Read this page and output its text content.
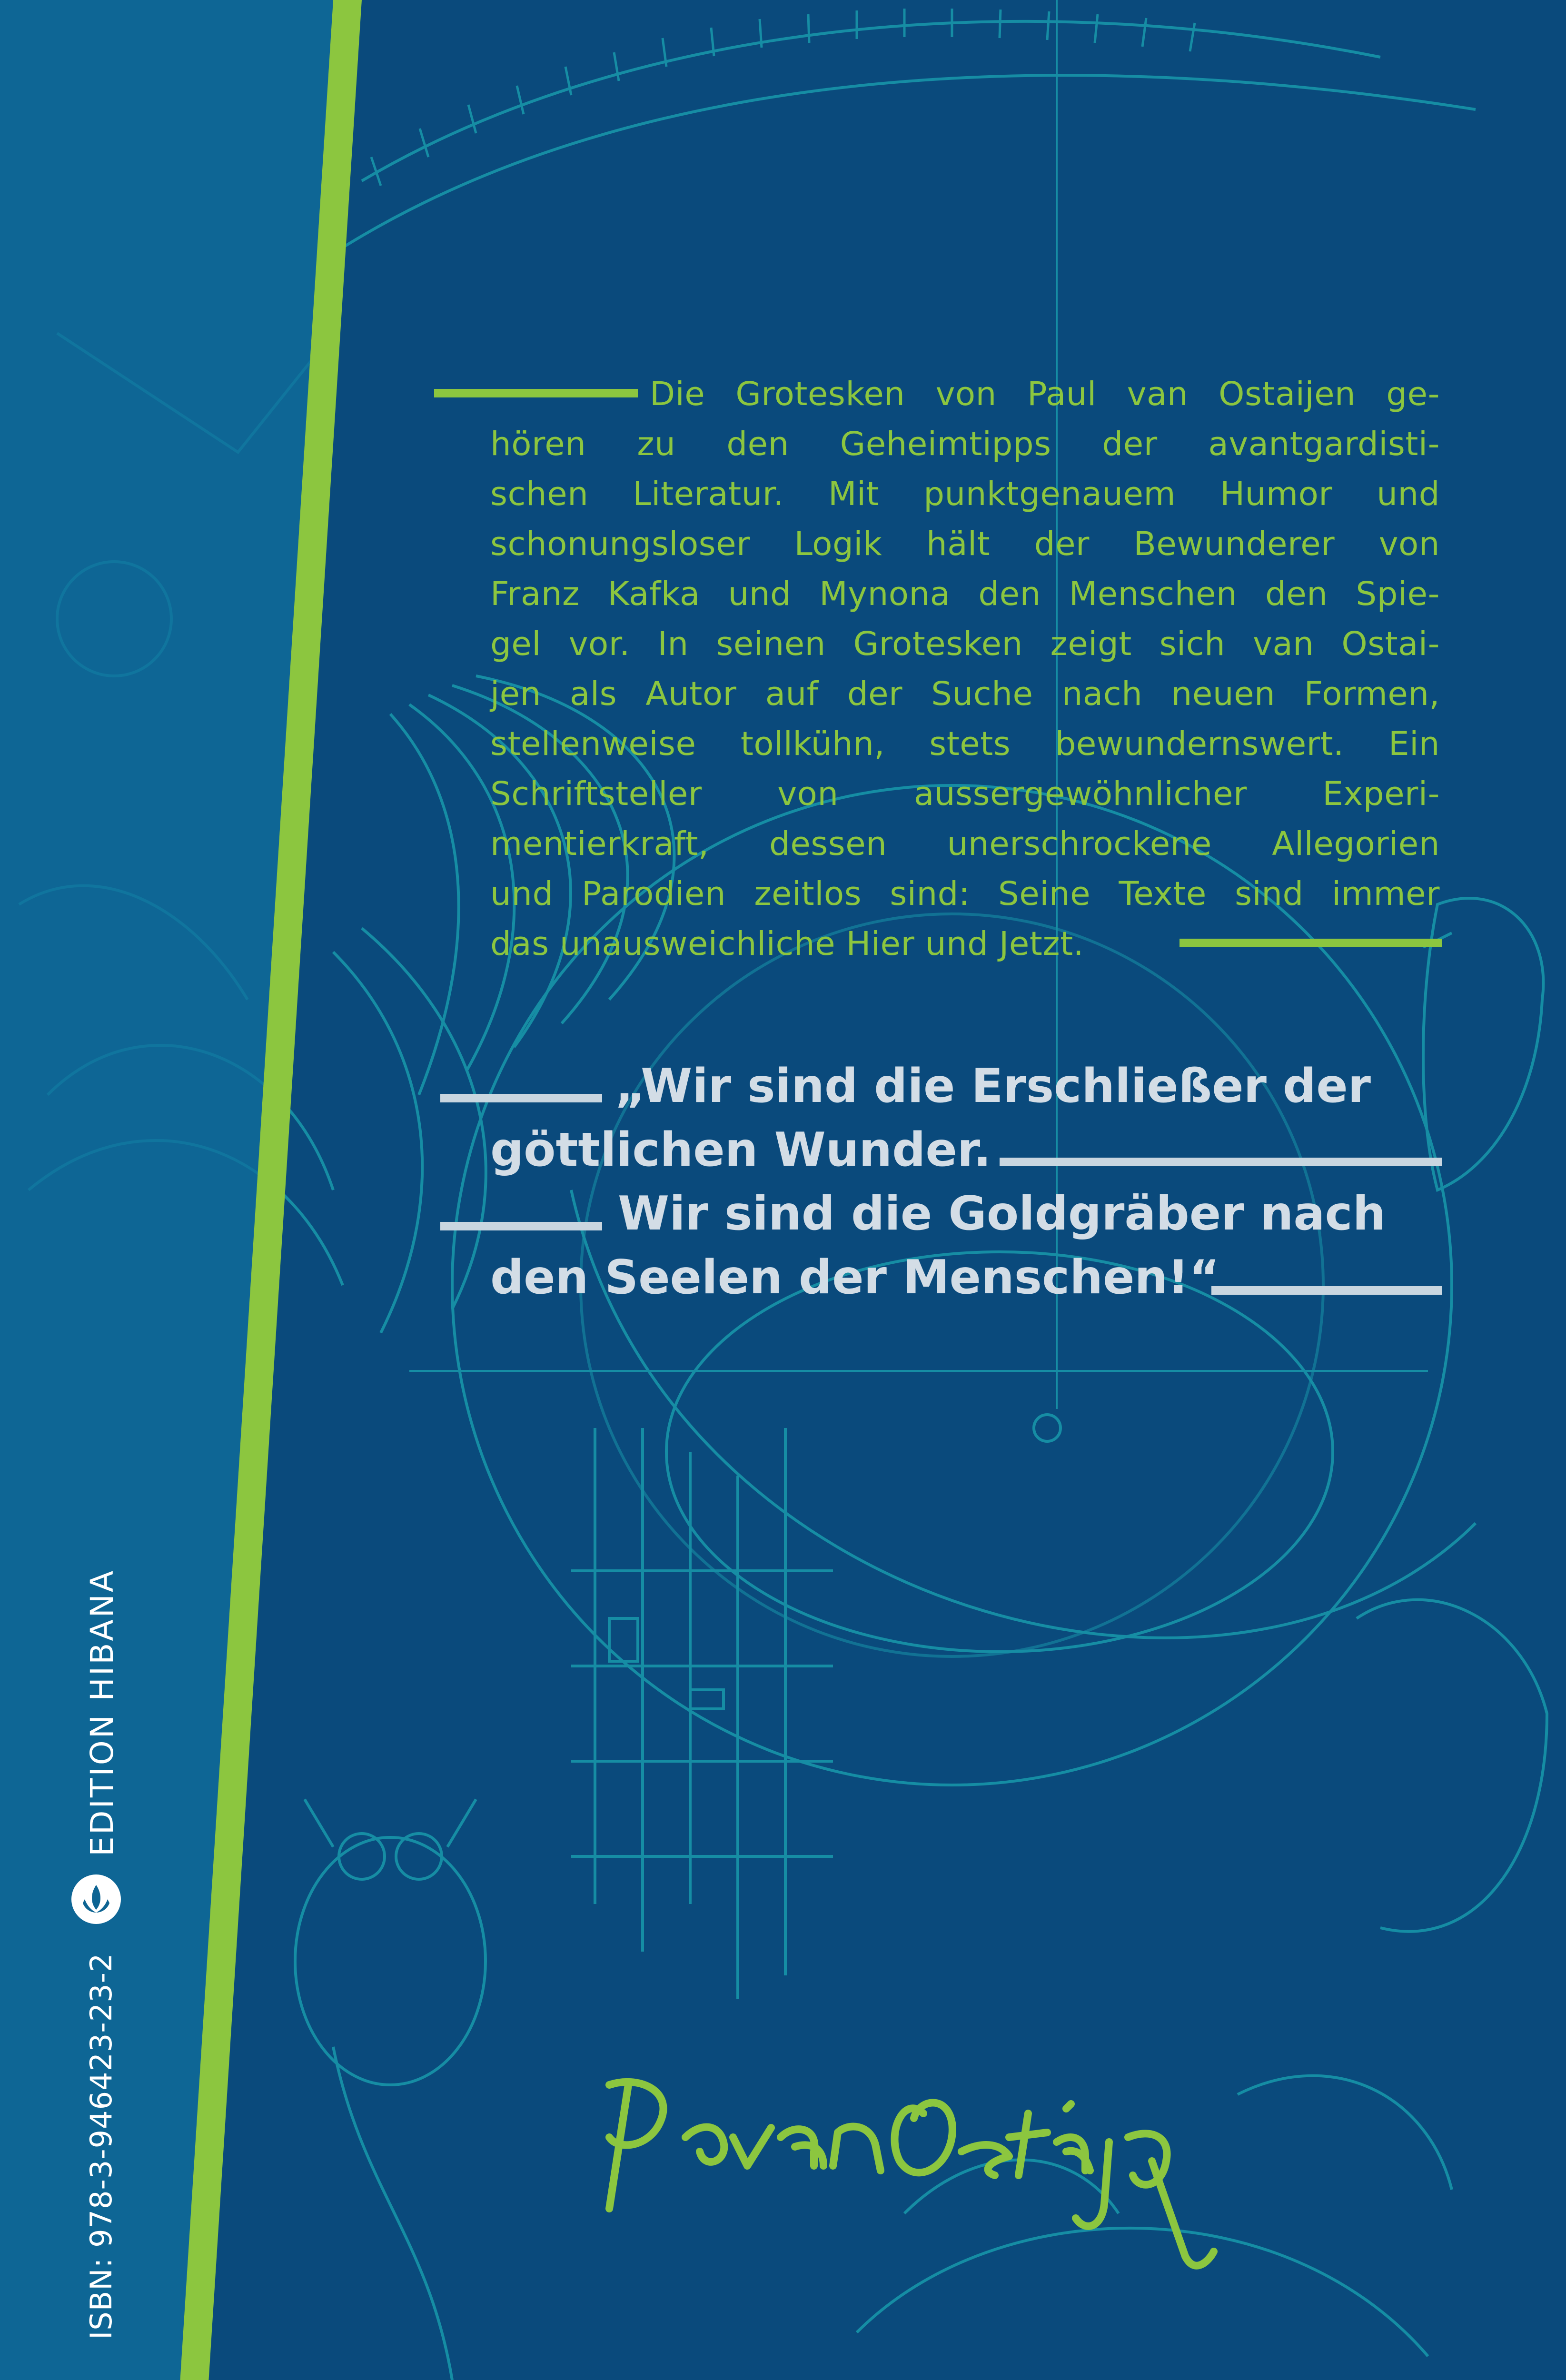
Die Grotesken von Paul van Ostaijen ge-
hören zu den Geheimtipps der avantgardisti-
schen Literatur. Mit punktgenauem Humor und
schonungsloser Logik hält der Bewunderer von
Franz Kafka und Mynona den Menschen den Spie-
gel vor. In seinen Grotesken zeigt sich van Ostai-
jen als Autor auf der Suche nach neuen Formen,
stellenweise tollkühn, stets bewundernswert. Ein
Schriftsteller von aussergewöhnlicher Experi-
mentierkraft, dessen unerschrockene Allegorien
und Parodien zeitlos sind: Seine Texte sind immer
das unausweichliche Hier und Jetzt.
„Wir sind die Erschließer der
göttlichen Wunder.
Wir sind die Goldgräber nach
den Seelen der Menschen!“
ISBN: 978-3-946423-23-2
EDITION HIBANA
